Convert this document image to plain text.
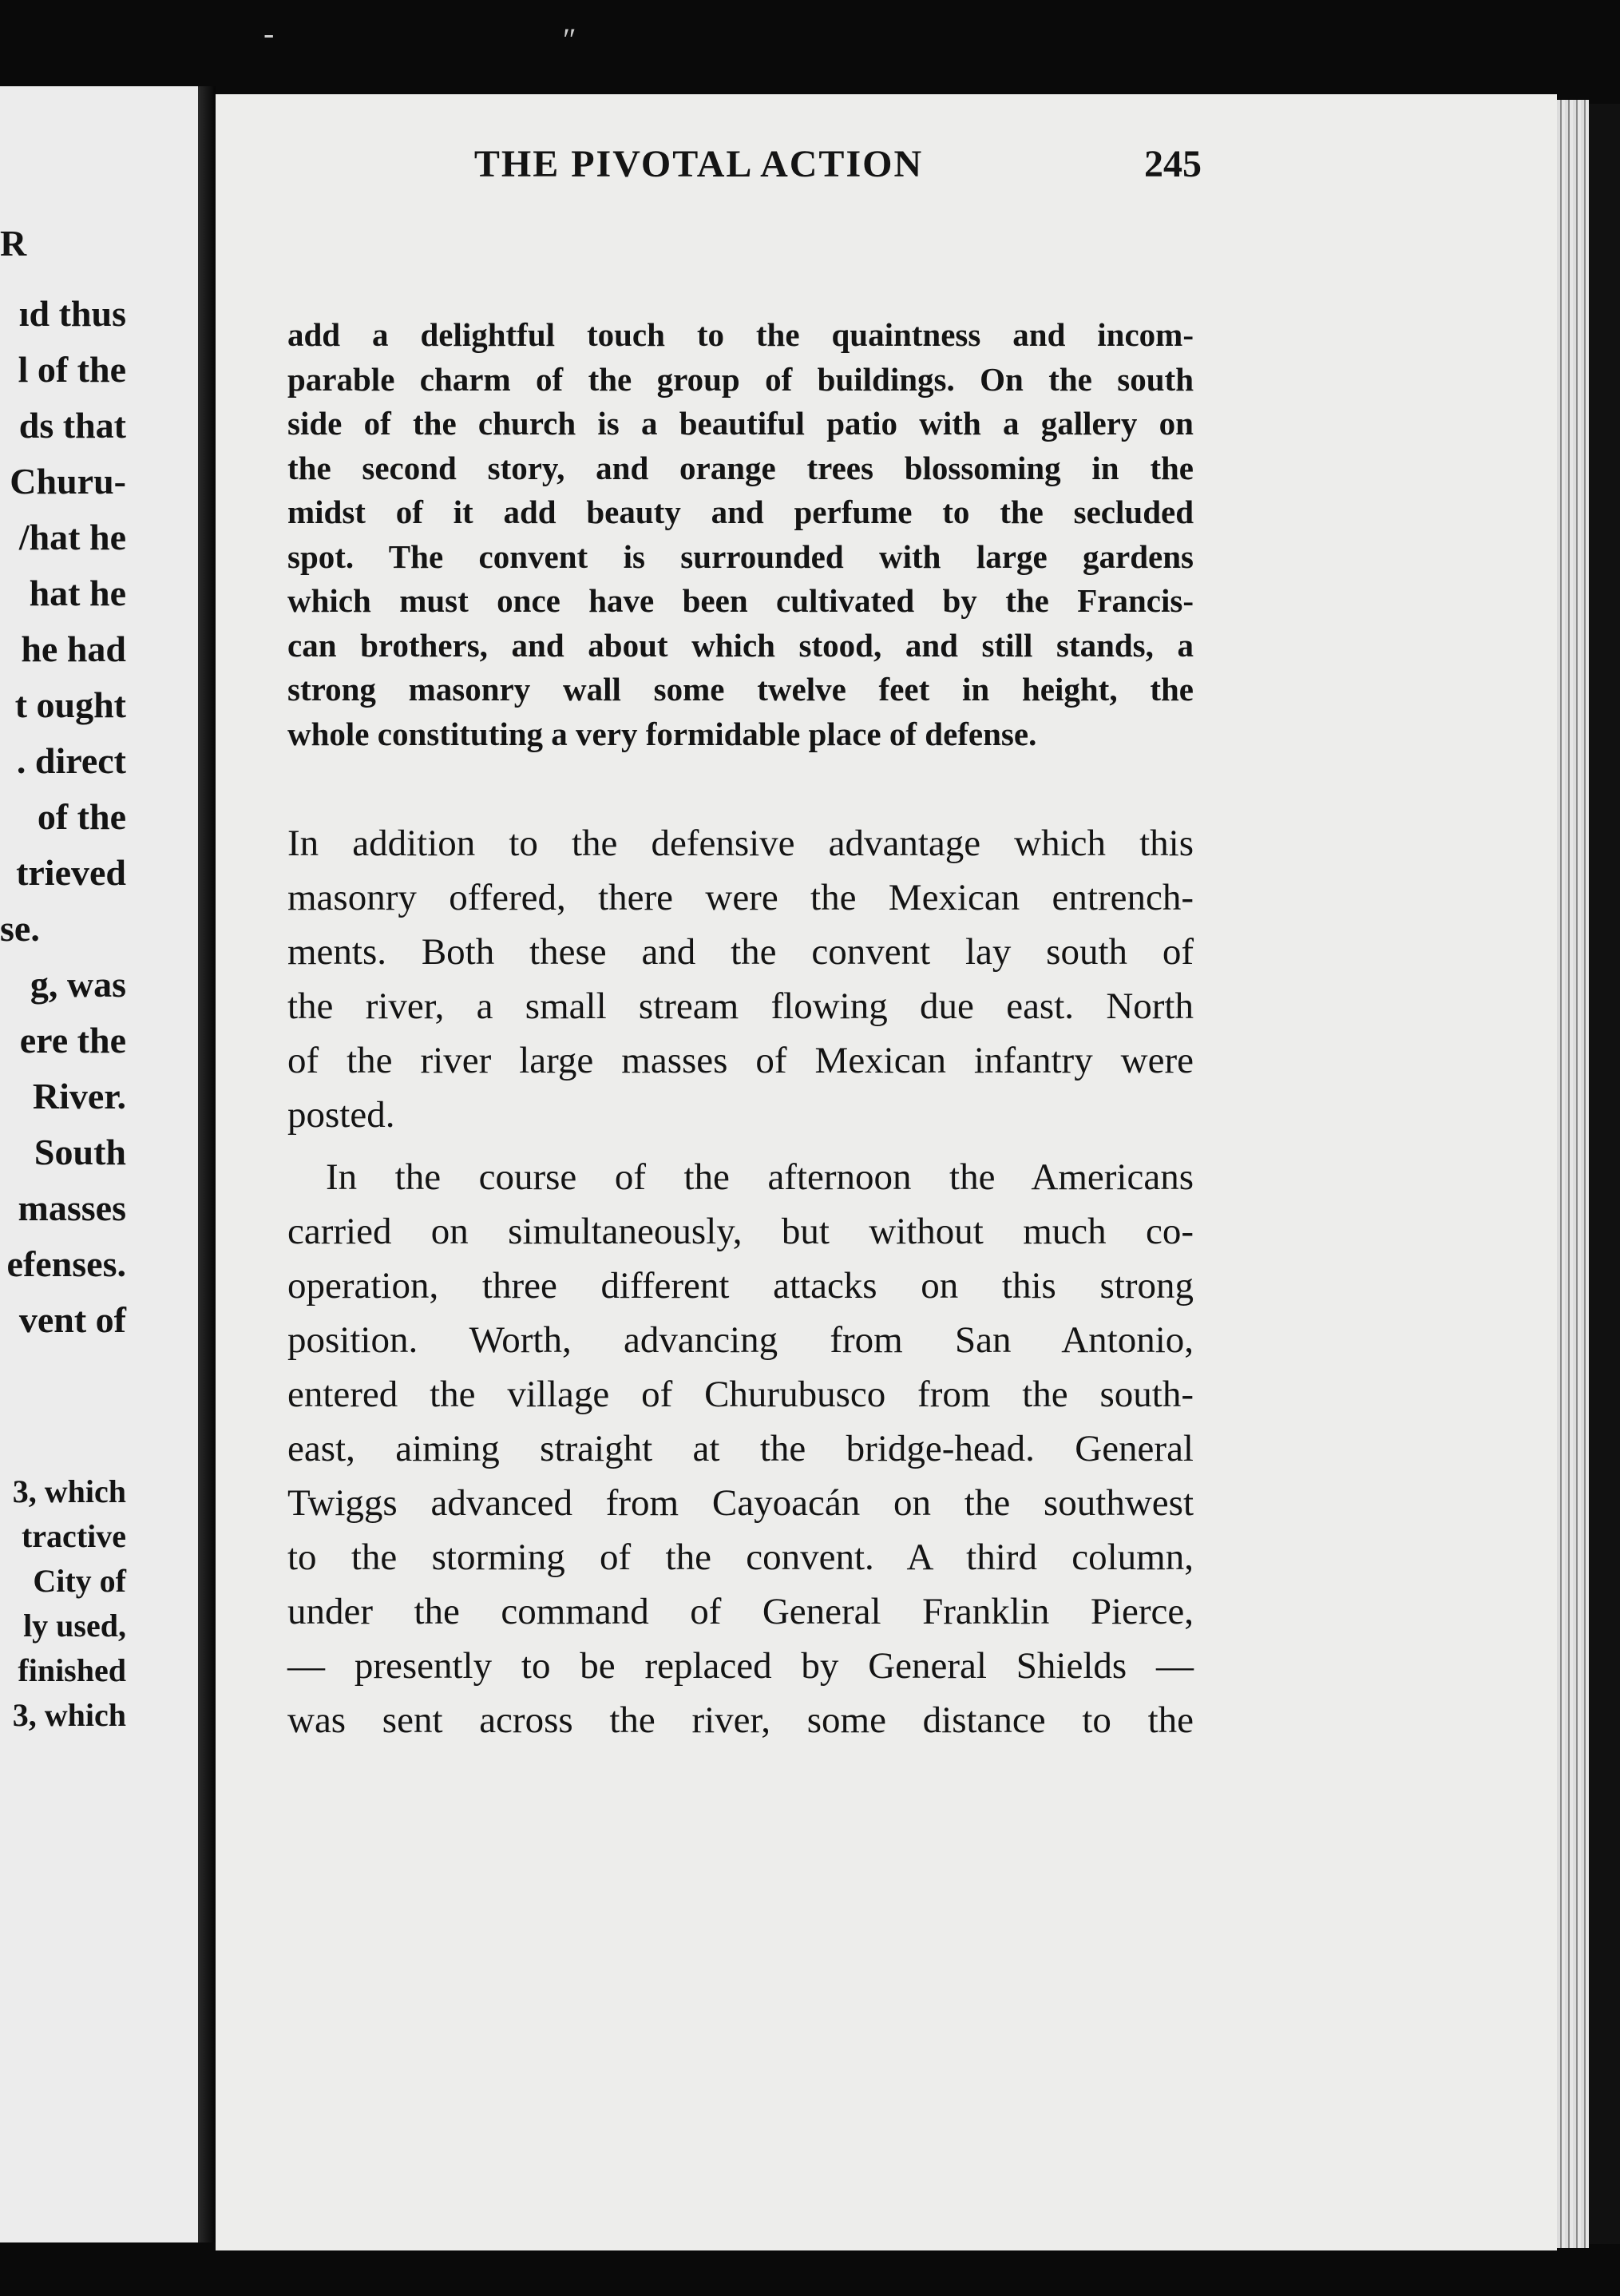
‐	ʺ
R
ıd thus
l of the
ds that
Churu-
/hat he
hat he
he had
t ought
. direct
of the
trieved
se.
g, was
ere the
River.
South
masses
efenses.
vent of
3, which
tractive
City of
ly used,
finished
3, which
THE PIVOTAL ACTION	245
add a delightful touch to the quaintness and incom-
parable charm of the group of buildings. On the south
side of the church is a beautiful patio with a gallery on
the second story, and orange trees blossoming in the
midst of it add beauty and perfume to the secluded
spot. The convent is surrounded with large gardens
which must once have been cultivated by the Francis-
can brothers, and about which stood, and still stands, a
strong masonry wall some twelve feet in height, the
whole constituting a very formidable place of defense.
In addition to the defensive advantage which this
masonry offered, there were the Mexican entrench-
ments. Both these and the convent lay south of
the river, a small stream flowing due east. North
of the river large masses of Mexican infantry were
posted.
In the course of the afternoon the Americans
carried on simultaneously, but without much co-
operation, three different attacks on this strong
position. Worth, advancing from San Antonio,
entered the village of Churubusco from the south-
east, aiming straight at the bridge-head. General
Twiggs advanced from Cayoacán on the southwest
to the storming of the convent. A third column,
under the command of General Franklin Pierce,
— presently to be replaced by General Shields —
was sent across the river, some distance to the
